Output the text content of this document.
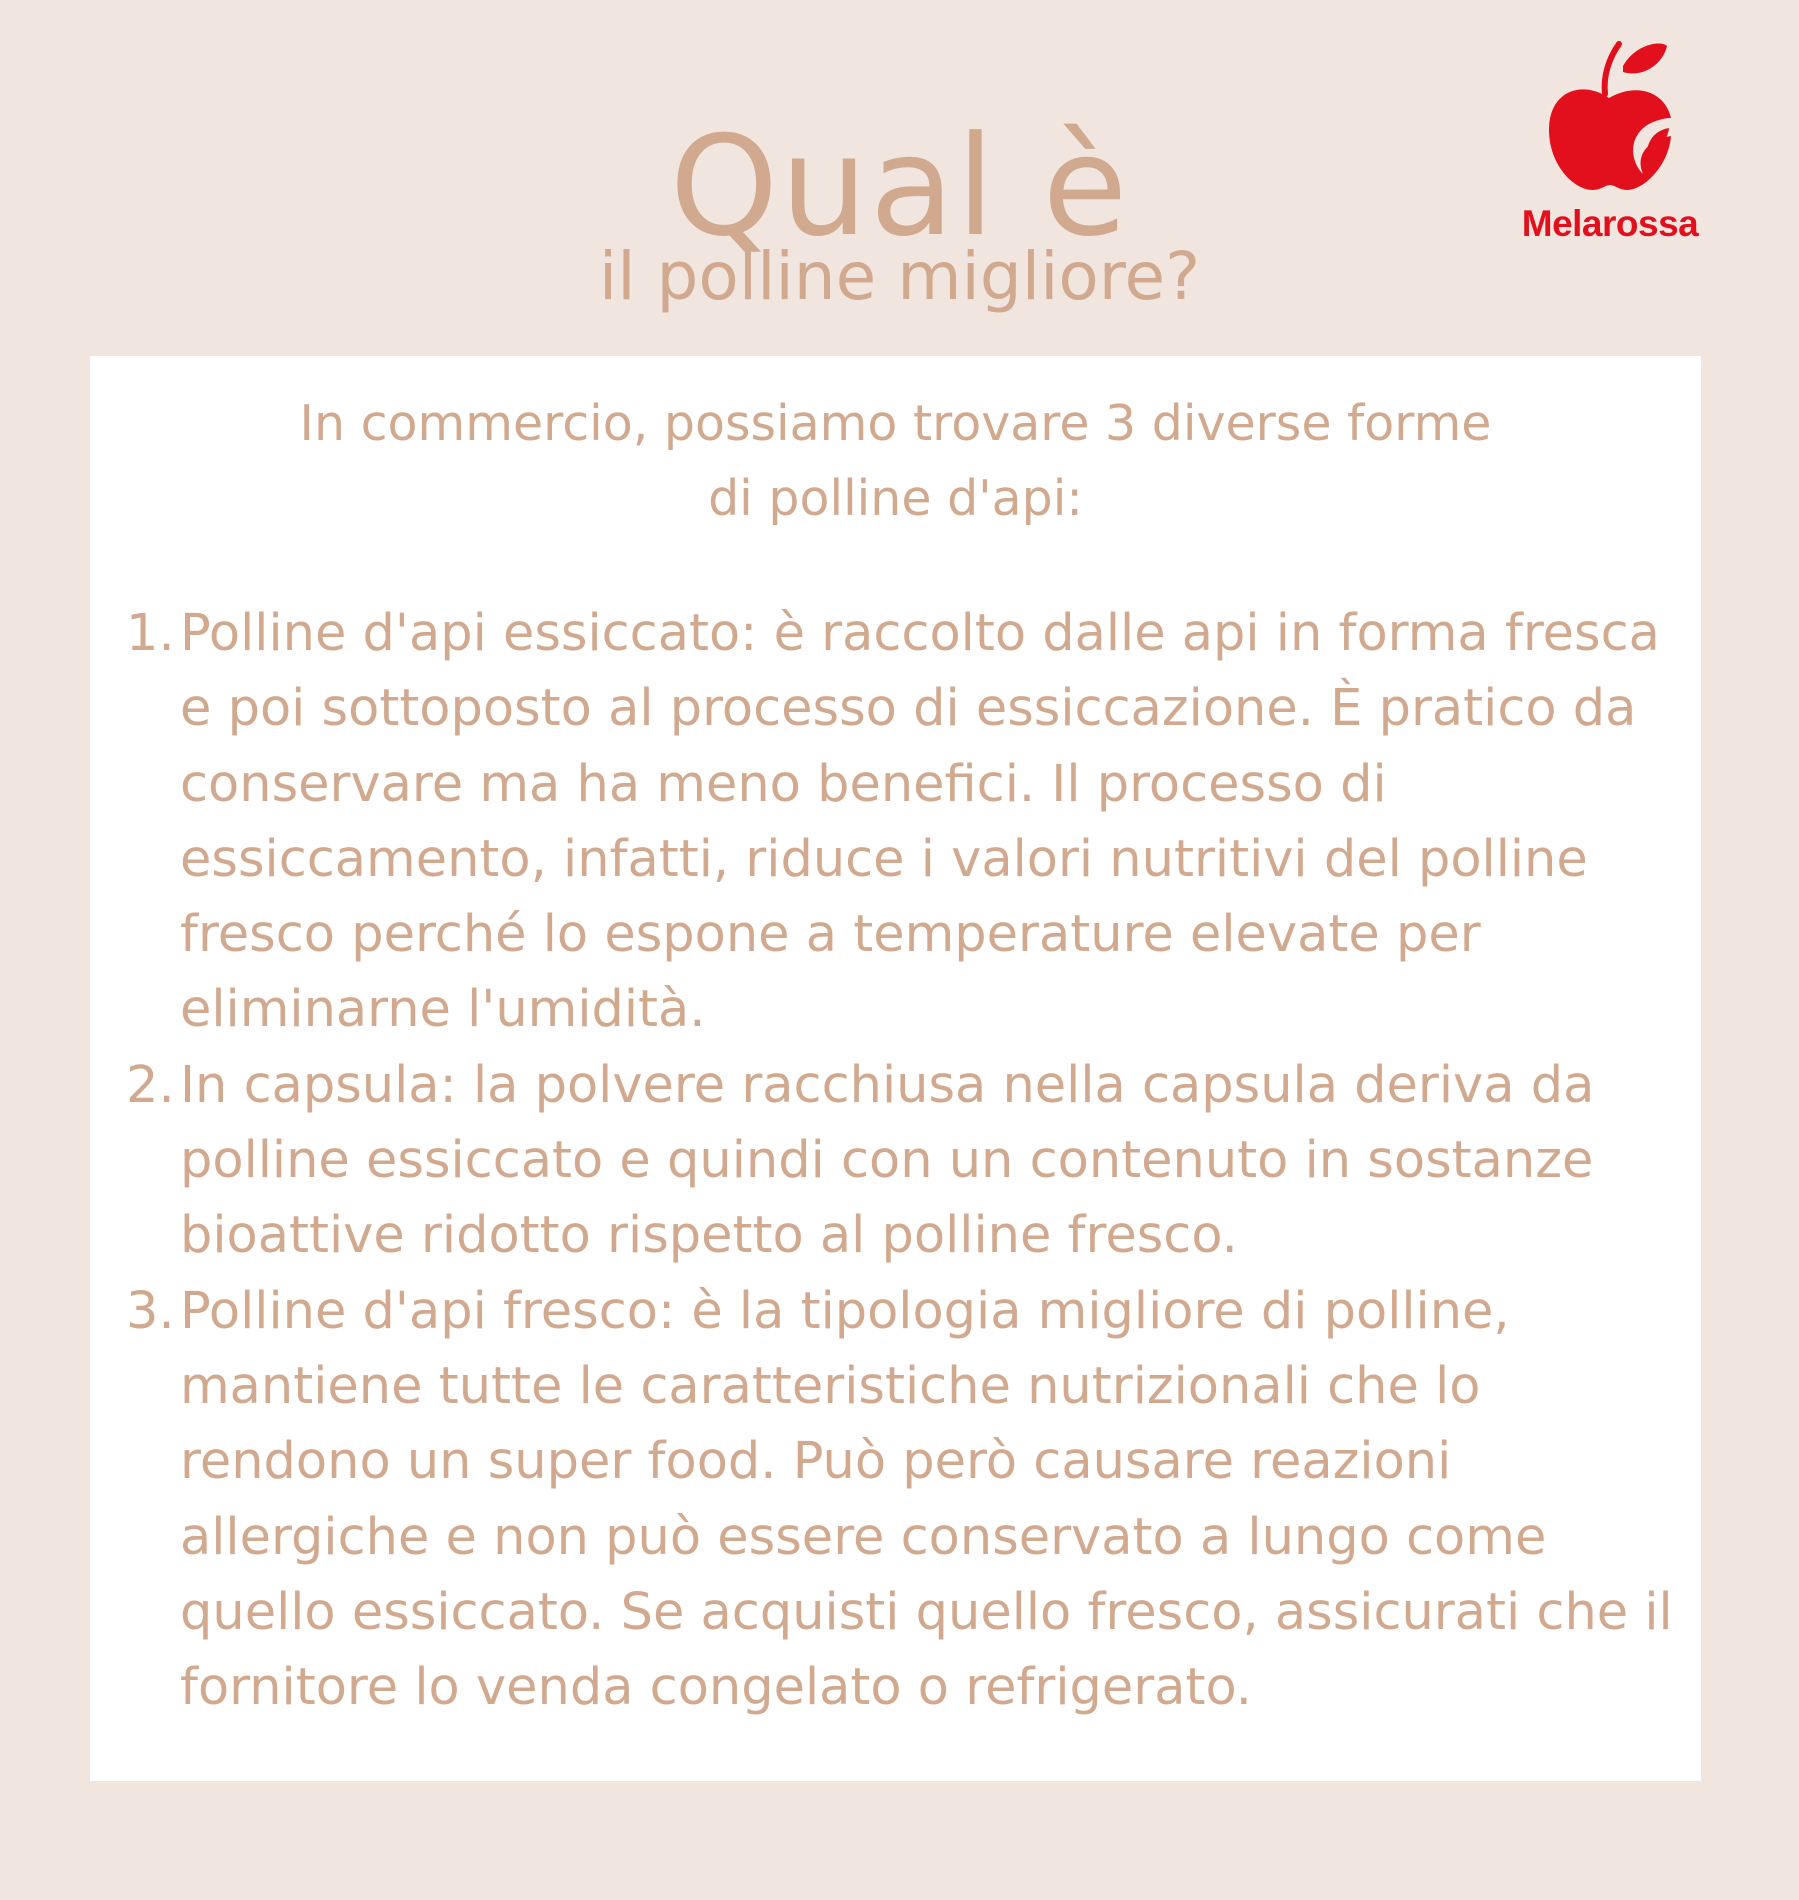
Qual è
il polline migliore?
Melarossa

In commercio, possiamo trovare 3 diverse forme
di polline d'api:

1. Polline d'api essiccato: è raccolto dalle api in forma fresca e poi sottoposto al processo di essiccazione. È pratico da conservare ma ha meno benefici. Il processo di essiccamento, infatti, riduce i valori nutritivi del polline fresco perché lo espone a temperature elevate per eliminarne l'umidità.
2. In capsula: la polvere racchiusa nella capsula deriva da polline essiccato e quindi con un contenuto in sostanze bioattive ridotto rispetto al polline fresco.
3. Polline d'api fresco: è la tipologia migliore di polline, mantiene tutte le caratteristiche nutrizionali che lo rendono un super food. Può però causare reazioni allergiche e non può essere conservato a lungo come quello essiccato. Se acquisti quello fresco, assicurati che il fornitore lo venda congelato o refrigerato.
